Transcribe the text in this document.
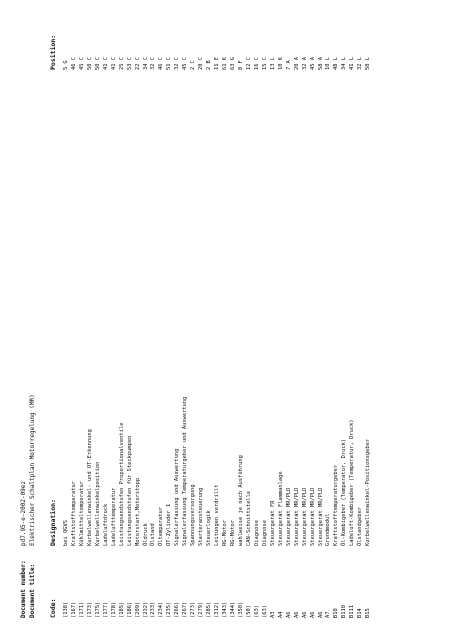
Document number:pd7.95-e-2002-09ez
Document title:Elektrischer Schaltplan Motorregelung (MR)
Code:
Designation:
Position:
(138)
bei QGVS
5 G
(167)
Kraftstofftemperatur
46 C
(171)
Kühlmitteltemperatur
45 C
(173)
Kurbelwellenwinkel- und OT-Erkennung
50 C
(175)
Kurbelwellenwinkelposition
50 C
(177)
Ladeluftdruck
41 C
(178)
Ladelufttemperatur
41 C
(185)
Leistungsendstufen Proportionalventile
25 C
(186)
Leistungsendstufen für Steckpumpen
53 C
(209)
Motorstart,Motorstopp
22 C
(232)
Öldruck
34 C
(233)
Ölstand
32 C
(234)
Öltemperatur
46 C
(235)
OT-Zylinder 1
51 C
(266)
Signalerfassung und Auswertung
32 C
(267)
Signalerfassung Temperaturgeber und Auswertung
45 C
(273)
Spannungsversorgung
2 C
(279)
Starteransteuerung
20 C
(285)
Steuerlogik
2 B
(312)
Leitungen verdrillt
11 E
(343)
RG-Motor
61 K
(344)
RG-Motor
63 G
(350)
wahlweise je nach Ausführung
8 F
(50)
CAN-Schnittstelle
12 C
(63)
Diagnose
16 C
(63)
Diagnose
15 C
A3
Steuergerät FR
13 L
A4
Steuergerät Flammanlage
10 K
A6
Steuergerät MR/PLD
7 A
A6
Steuergerät MR/PLD
20 A
A6
Steuergerät MR/PLD
32 A
A6
Steuergerät MR/PLD
45 A
A6
Steuergerät MR/PLD
58 A
A7
Grundmodul
10 L
B10
Kraftstofftemperaturgeber
48 L
B110
Öl-Kombigeber (Temperatur, Druck)
34 L
B111
Ladeluft-Kombigeber (Temperatur, Druck)
41 L
B14
Ölstandgeber
32 L
B15
Kurbelwellenwinkel-Positionsgeber
50 L
